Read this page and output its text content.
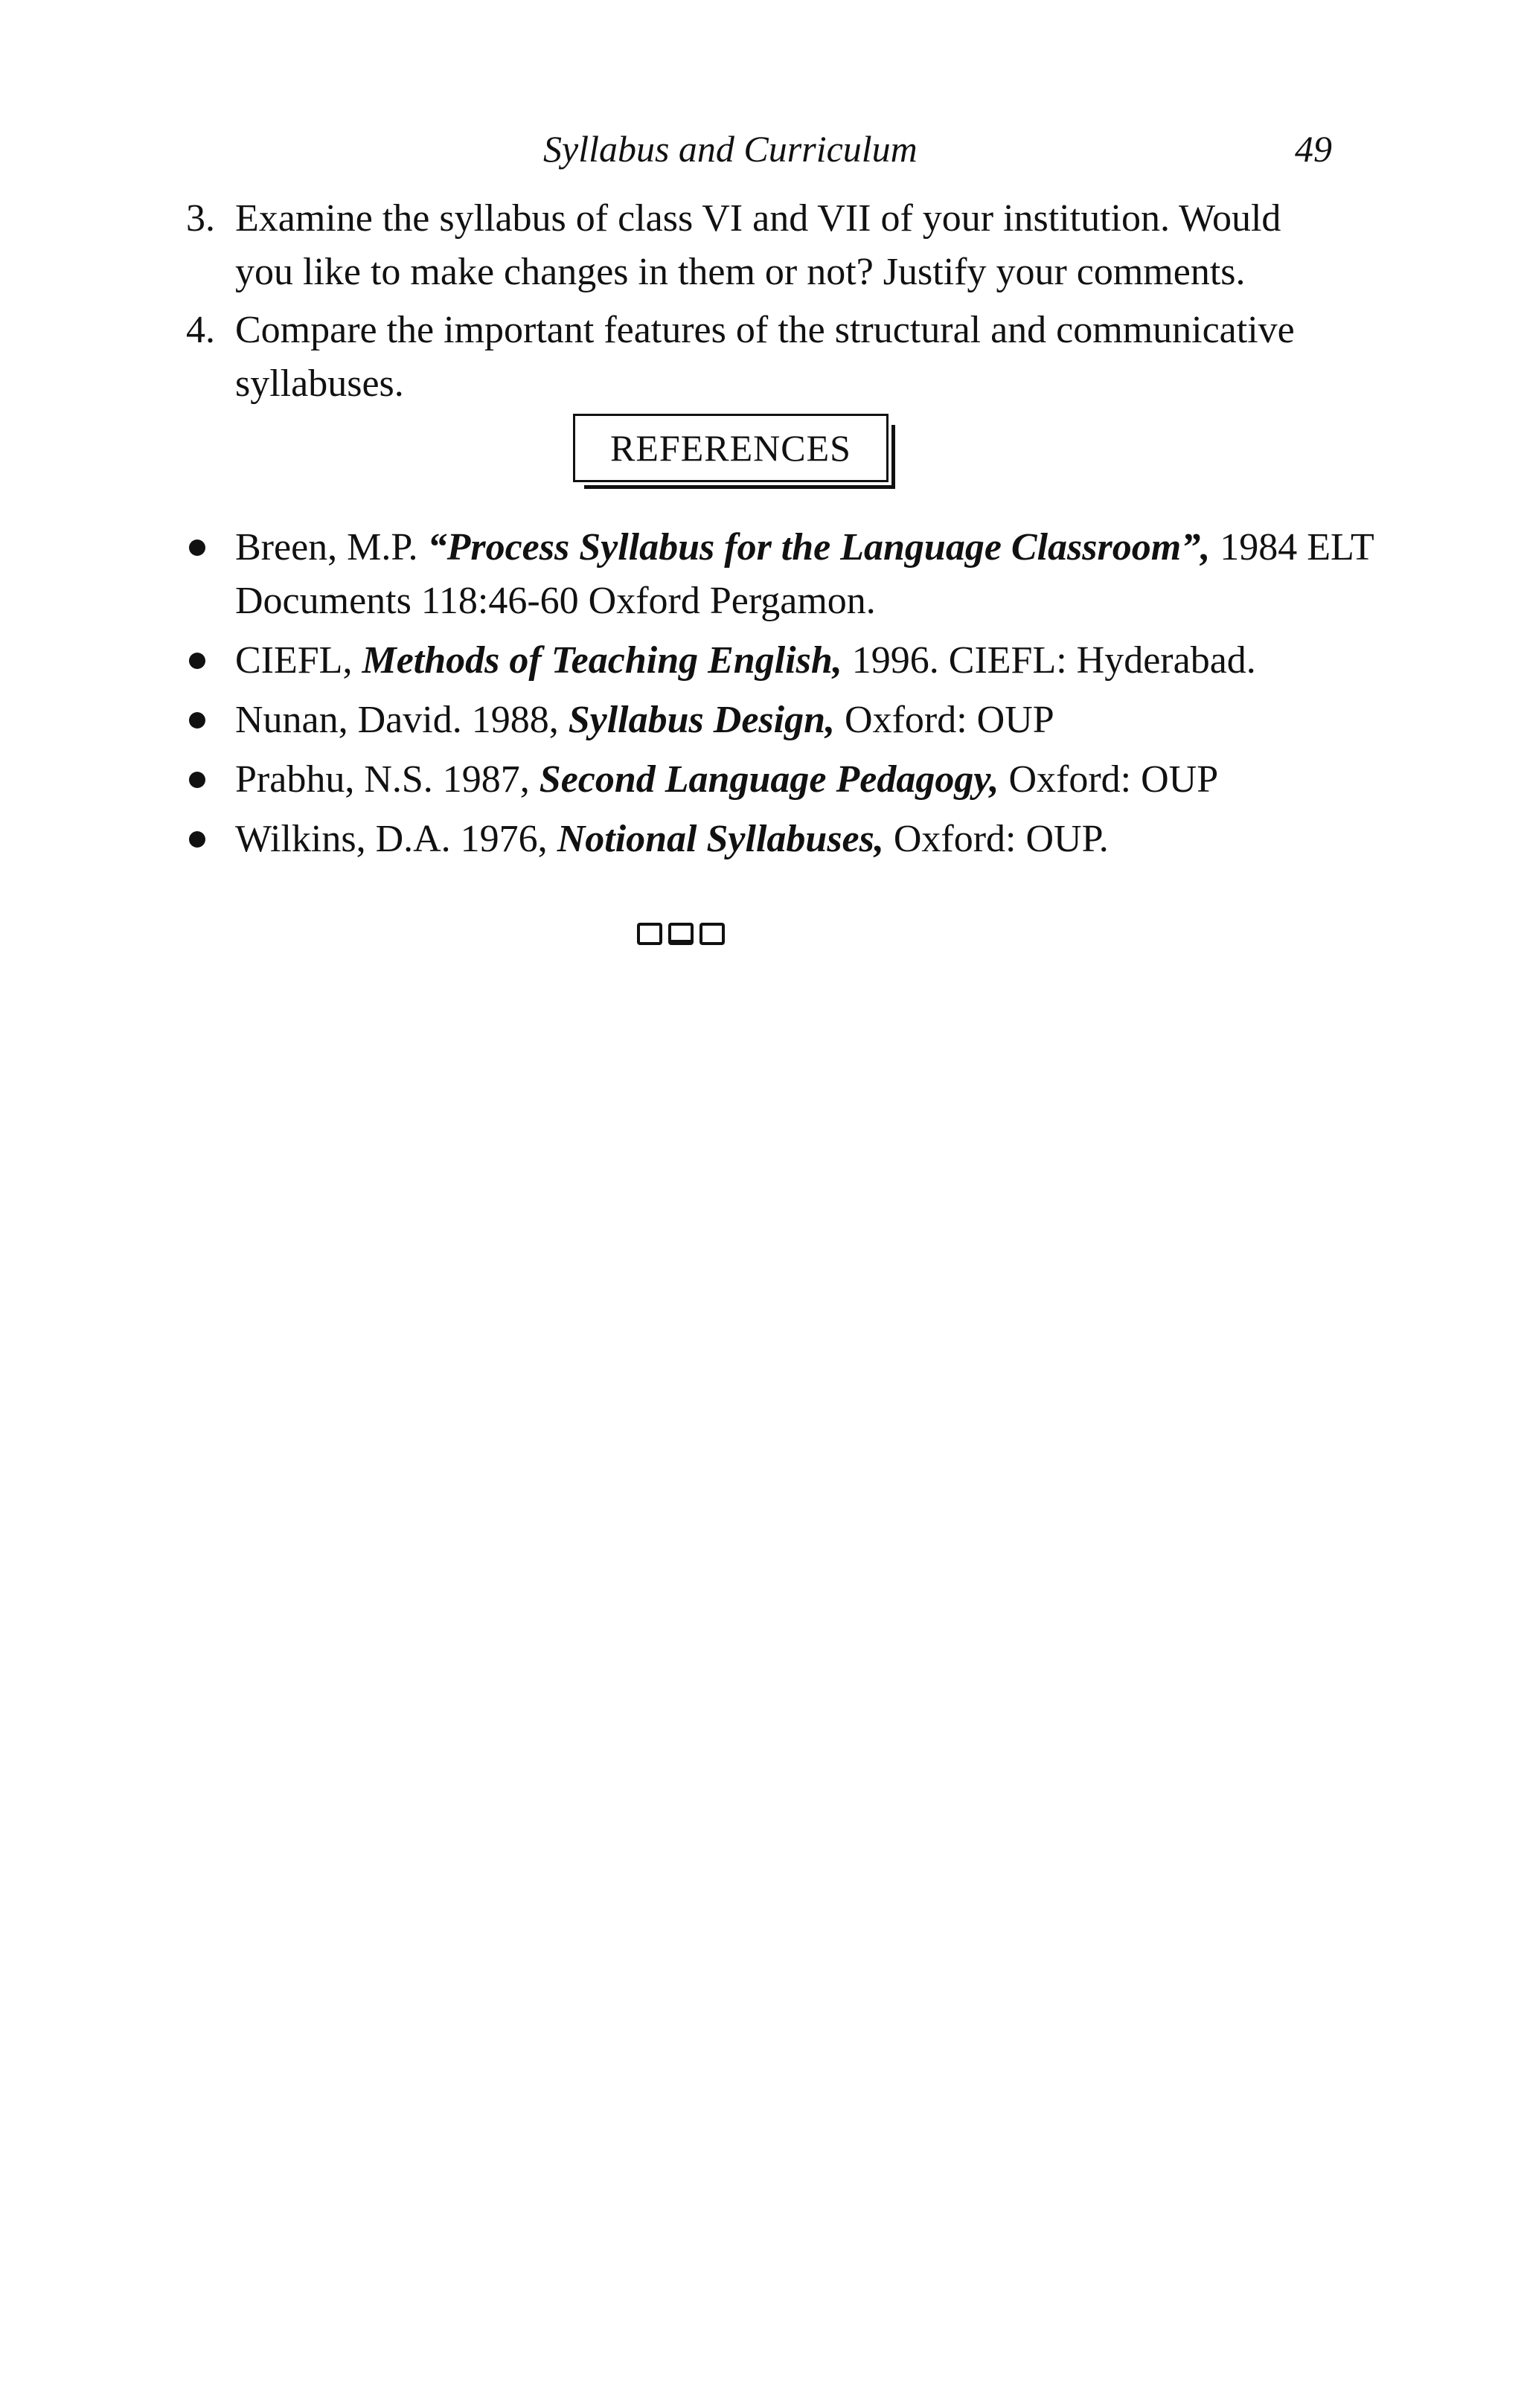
Syllabus and Curriculum	49
3. Examine the syllabus of class VI and VII of your institution. Would you like to make changes in them or not? Justify your comments.
4. Compare the important features of the structural and communicative syllabuses.
REFERENCES
Breen, M.P. “Process Syllabus for the Language Classroom”, 1984 ELT Documents 118:46-60 Oxford Pergamon.
CIEFL, Methods of Teaching English, 1996. CIEFL: Hyderabad.
Nunan, David. 1988, Syllabus Design, Oxford: OUP
Prabhu, N.S. 1987, Second Language Pedagogy, Oxford: OUP
Wilkins, D.A. 1976, Notional Syllabuses, Oxford: OUP.
